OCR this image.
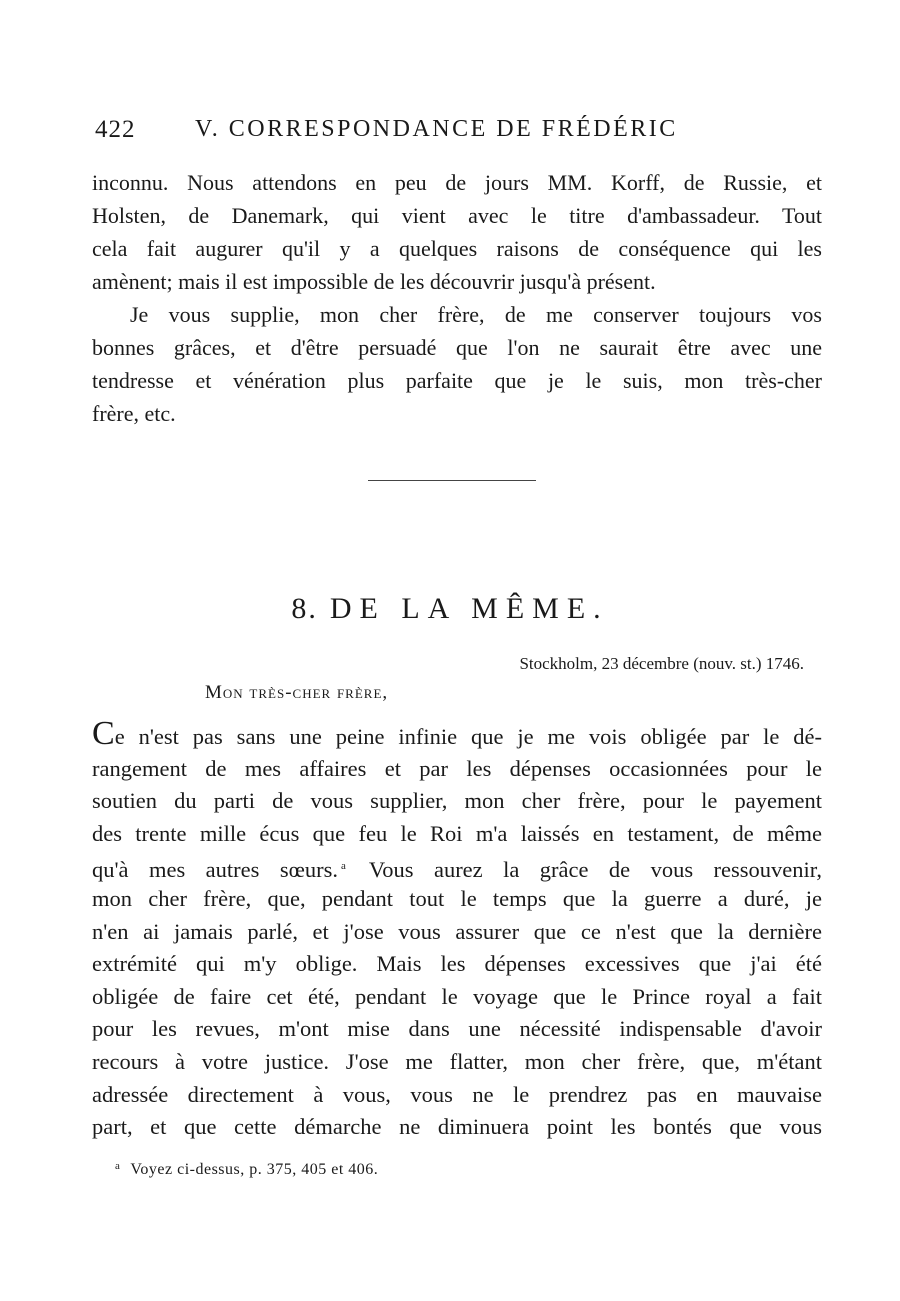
422 V. CORRESPONDANCE DE FRÉDÉRIC
inconnu. Nous attendons en peu de jours MM. Korff, de Russie, et
Holsten, de Danemark, qui vient avec le titre d'ambassadeur. Tout
cela fait augurer qu'il y a quelques raisons de conséquence qui les
amènent; mais il est impossible de les découvrir jusqu'à présent.
Je vous supplie, mon cher frère, de me conserver toujours vos
bonnes grâces, et d'être persuadé que l'on ne saurait être avec une
tendresse et vénération plus parfaite que je le suis, mon très-cher
frère, etc.
8. DE LA MÊME.
Stockholm, 23 décembre (nouv. st.) 1746.
Mon très-cher frère,
Ce n'est pas sans une peine infinie que je me vois obligée par le dé-
rangement de mes affaires et par les dépenses occasionnées pour le
soutien du parti de vous supplier, mon cher frère, pour le payement
des trente mille écus que feu le Roi m'a laissés en testament, de même
qu'à mes autres sœurs. $^a$ Vous aurez la grâce de vous ressouvenir,
mon cher frère, que, pendant tout le temps que la guerre a duré, je
n'en ai jamais parlé, et j'ose vous assurer que ce n'est que la dernière
extrémité qui m'y oblige. Mais les dépenses excessives que j'ai été
obligée de faire cet été, pendant le voyage que le Prince royal a fait
pour les revues, m'ont mise dans une nécessité indispensable d'avoir
recours à votre justice. J'ose me flatter, mon cher frère, que, m'étant
adressée directement à vous, vous ne le prendrez pas en mauvaise
part, et que cette démarche ne diminuera point les bontés que vous
$^a$ Voyez ci-dessus, p. 375, 405 et 406.
